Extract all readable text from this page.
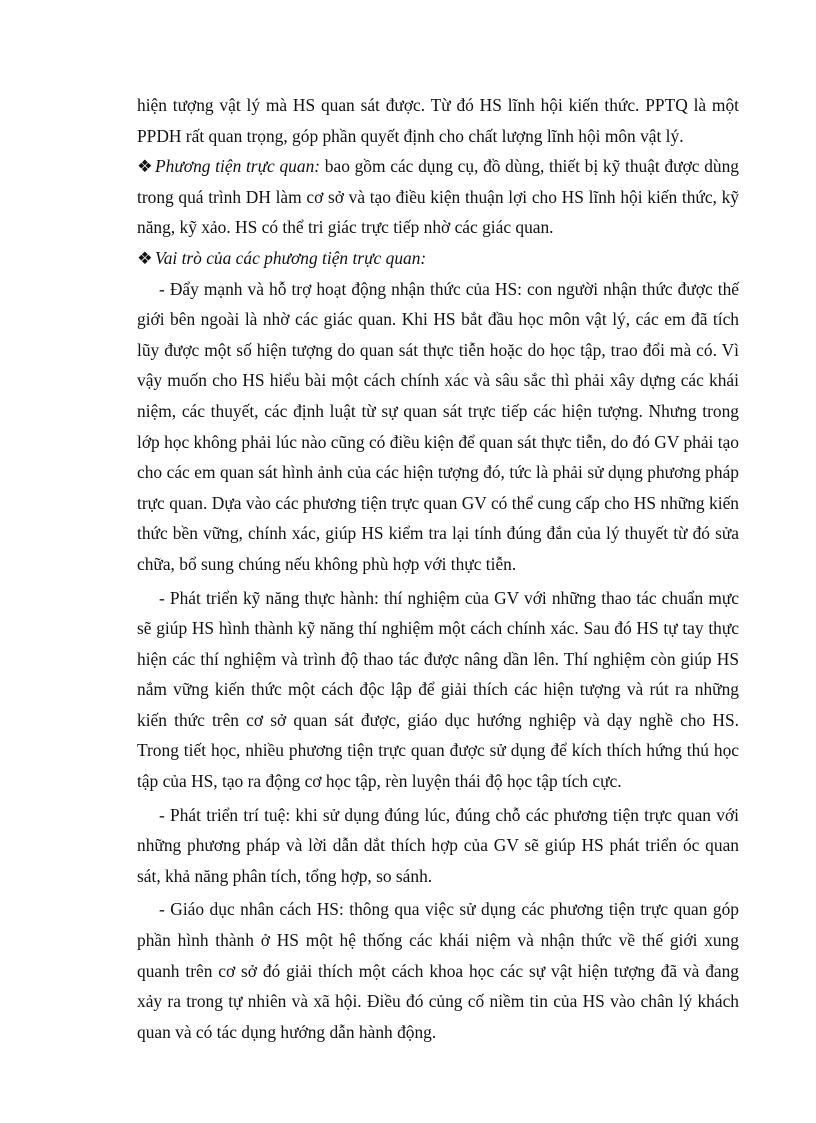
hiện tượng vật lý mà HS quan sát được. Từ đó HS lĩnh hội kiến thức. PPTQ là một PPDH rất quan trọng, góp phần quyết định cho chất lượng lĩnh hội môn vật lý.

❖ Phương tiện trực quan: bao gồm các dụng cụ, đồ dùng, thiết bị kỹ thuật được dùng trong quá trình DH làm cơ sở và tạo điều kiện thuận lợi cho HS lĩnh hội kiến thức, kỹ năng, kỹ xảo. HS có thể tri giác trực tiếp nhờ các giác quan.

❖ Vai trò của các phương tiện trực quan:

- Đẩy mạnh và hỗ trợ hoạt động nhận thức của HS: con người nhận thức được thế giới bên ngoài là nhờ các giác quan. Khi HS bắt đầu học môn vật lý, các em đã tích lũy được một số hiện tượng do quan sát thực tiễn hoặc do học tập, trao đổi mà có. Vì vậy muốn cho HS hiểu bài một cách chính xác và sâu sắc thì phải xây dựng các khái niệm, các thuyết, các định luật từ sự quan sát trực tiếp các hiện tượng. Nhưng trong lớp học không phải lúc nào cũng có điều kiện để quan sát thực tiễn, do đó GV phải tạo cho các em quan sát hình ảnh của các hiện tượng đó, tức là phải sử dụng phương pháp trực quan. Dựa vào các phương tiện trực quan GV có thể cung cấp cho HS những kiến thức bền vững, chính xác, giúp HS kiểm tra lại tính đúng đắn của lý thuyết từ đó sửa chữa, bổ sung chúng nếu không phù hợp với thực tiễn.

- Phát triển kỹ năng thực hành: thí nghiệm của GV với những thao tác chuẩn mực sẽ giúp HS hình thành kỹ năng thí nghiệm một cách chính xác. Sau đó HS tự tay thực hiện các thí nghiệm và trình độ thao tác được nâng dần lên. Thí nghiệm còn giúp HS nắm vững kiến thức một cách độc lập để giải thích các hiện tượng và rút ra những kiến thức trên cơ sở quan sát được, giáo dục hướng nghiệp và dạy nghề cho HS. Trong tiết học, nhiều phương tiện trực quan được sử dụng để kích thích hứng thú học tập của HS, tạo ra động cơ học tập, rèn luyện thái độ học tập tích cực.

- Phát triển trí tuệ: khi sử dụng đúng lúc, đúng chỗ các phương tiện trực quan với những phương pháp và lời dẫn dắt thích hợp của GV sẽ giúp HS phát triển óc quan sát, khả năng phân tích, tổng hợp, so sánh.

- Giáo dục nhân cách HS: thông qua việc sử dụng các phương tiện trực quan góp phần hình thành ở HS một hệ thống các khái niệm và nhận thức về thế giới xung quanh trên cơ sở đó giải thích một cách khoa học các sự vật hiện tượng đã và đang xảy ra trong tự nhiên và xã hội. Điều đó củng cố niềm tin của HS vào chân lý khách quan và có tác dụng hướng dẫn hành động.
